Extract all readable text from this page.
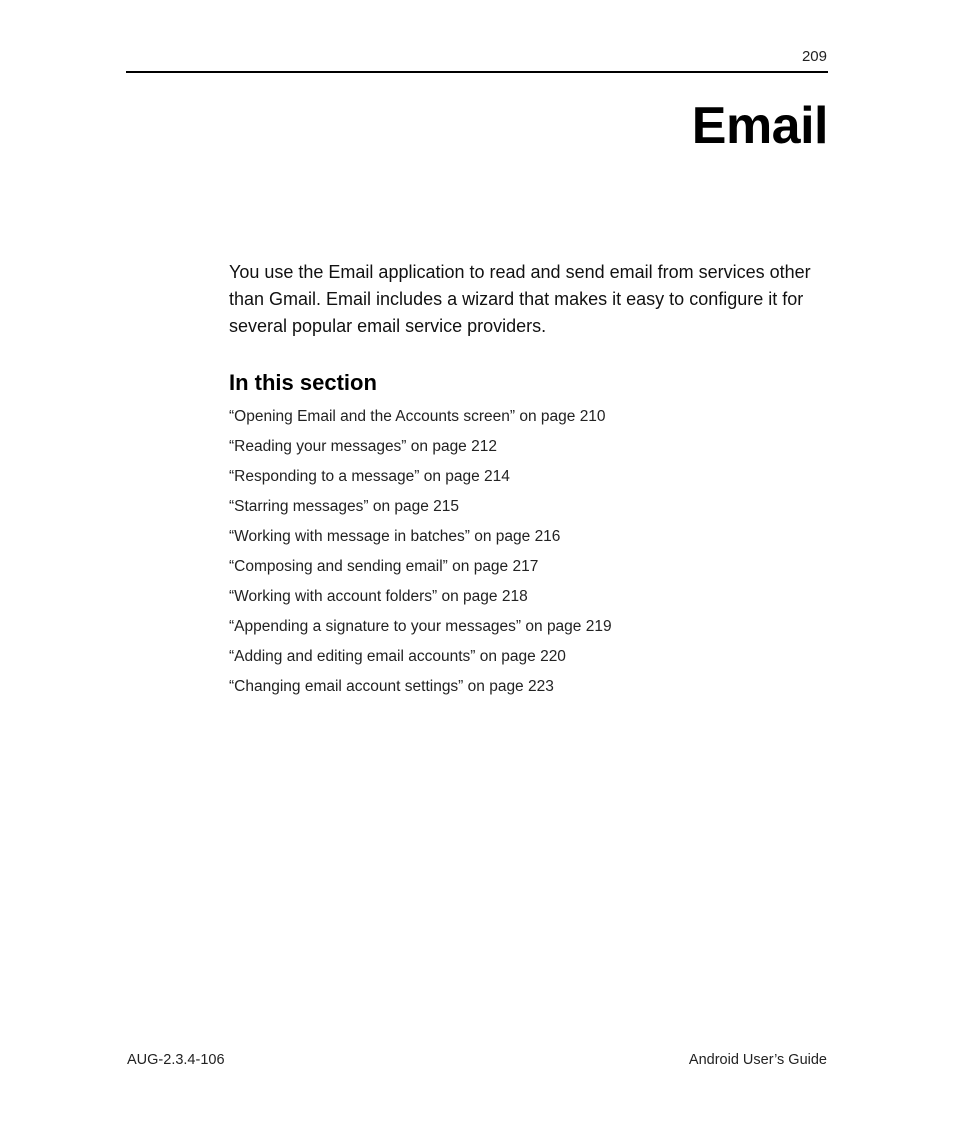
209
Email

You use the Email application to read and send email from services other than Gmail. Email includes a wizard that makes it easy to configure it for several popular email service providers.

In this section
“Opening Email and the Accounts screen” on page 210
“Reading your messages” on page 212
“Responding to a message” on page 214
“Starring messages” on page 215
“Working with message in batches” on page 216
“Composing and sending email” on page 217
“Working with account folders” on page 218
“Appending a signature to your messages” on page 219
“Adding and editing email accounts” on page 220
“Changing email account settings” on page 223
AUG-2.3.4-106	Android User’s Guide
